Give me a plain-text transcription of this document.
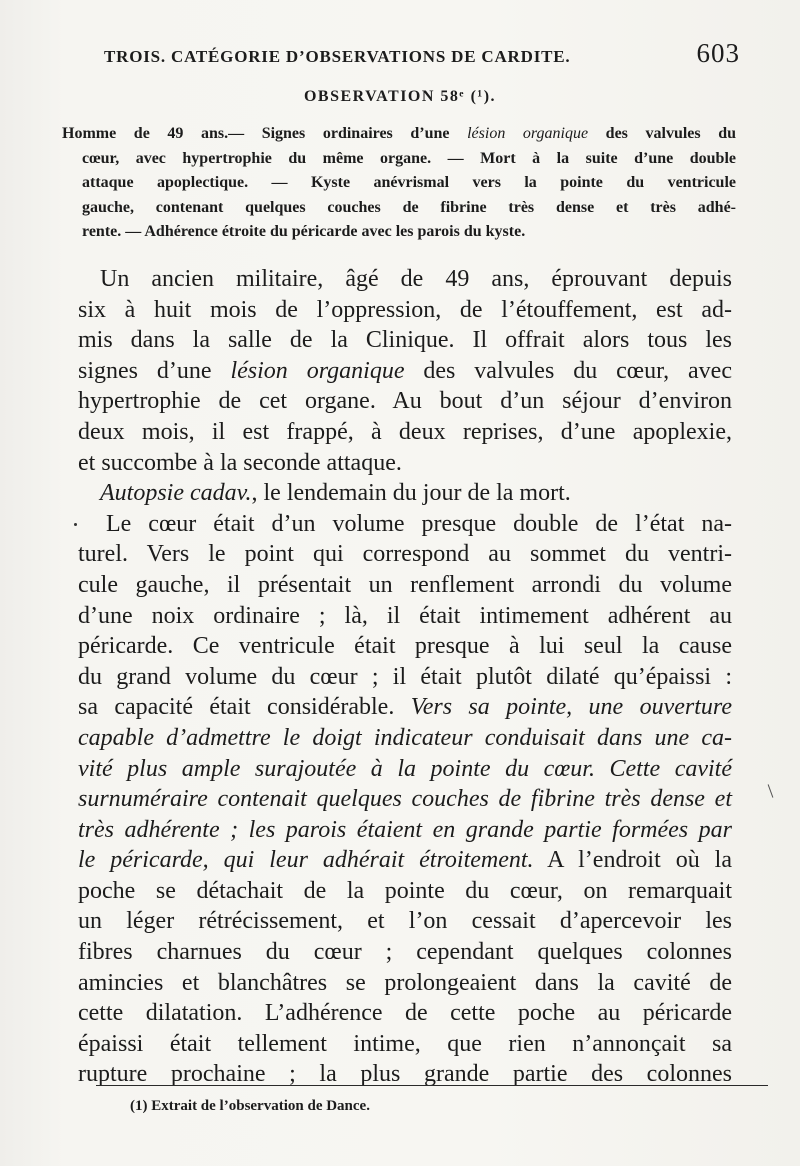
TROIS. CATÉGORIE D’OBSERVATIONS DE CARDITE.	603
OBSERVATION 58ᵉ (¹).
Homme de 49 ans.— Signes ordinaires d’une lésion organique des valvules du
cœur, avec hypertrophie du même organe. — Mort à la suite d’une double
attaque apoplectique. — Kyste anévrismal vers la pointe du ventricule
gauche, contenant quelques couches de fibrine très dense et très adhé-
rente. — Adhérence étroite du péricarde avec les parois du kyste.
Un ancien militaire, âgé de 49 ans, éprouvant depuis
six à huit mois de l’oppression, de l’étouffement, est ad-
mis dans la salle de la Clinique. Il offrait alors tous les
signes d’une lésion organique des valvules du cœur, avec
hypertrophie de cet organe. Au bout d’un séjour d’environ
deux mois, il est frappé, à deux reprises, d’une apoplexie,
et succombe à la seconde attaque.
Autopsie cadav., le lendemain du jour de la mort.
Le cœur était d’un volume presque double de l’état na-
turel. Vers le point qui correspond au sommet du ventri-
cule gauche, il présentait un renflement arrondi du volume
d’une noix ordinaire ; là, il était intimement adhérent au
péricarde. Ce ventricule était presque à lui seul la cause
du grand volume du cœur ; il était plutôt dilaté qu’épaissi :
sa capacité était considérable. Vers sa pointe, une ouverture
capable d’admettre le doigt indicateur conduisait dans une ca-
vité plus ample surajoutée à la pointe du cœur. Cette cavité
surnuméraire contenait quelques couches de fibrine très dense et
très adhérente ; les parois étaient en grande partie formées par
le péricarde, qui leur adhérait étroitement. A l’endroit où la
poche se détachait de la pointe du cœur, on remarquait
un léger rétrécissement, et l’on cessait d’apercevoir les
fibres charnues du cœur ; cependant quelques colonnes
amincies et blanchâtres se prolongeaient dans la cavité de
cette dilatation. L’adhérence de cette poche au péricarde
épaissi était tellement intime, que rien n’annonçait sa
rupture prochaine ; la plus grande partie des colonnes
(1) Extrait de l’observation de Dance.
